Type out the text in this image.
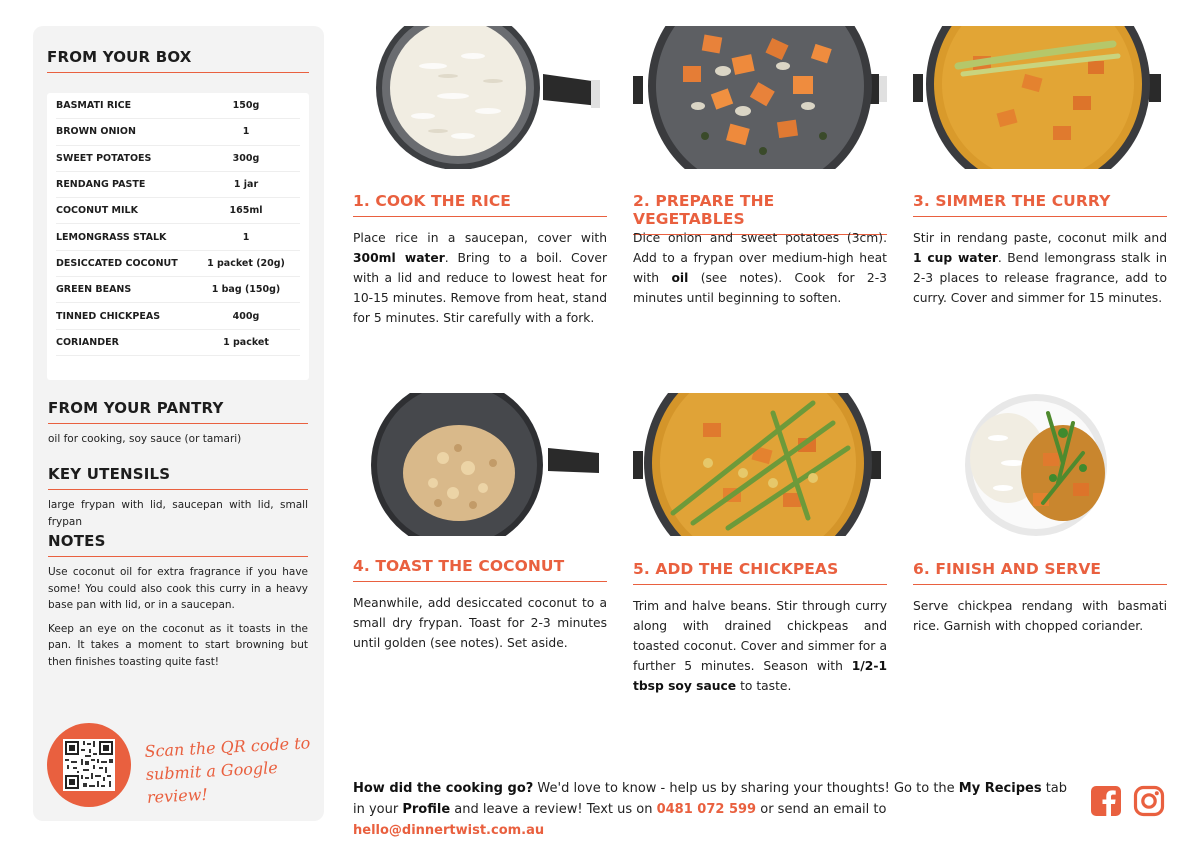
FROM YOUR BOX
BASMATI RICE	150g
BROWN ONION	1
SWEET POTATOES	300g
RENDANG PASTE	1 jar
COCONUT MILK	165ml
LEMONGRASS STALK	1
DESICCATED COCONUT	1 packet (20g)
GREEN BEANS	1 bag (150g)
TINNED CHICKPEAS	400g
CORIANDER	1 packet
FROM YOUR PANTRY

oil for cooking, soy sauce (or tamari)

KEY UTENSILS

large frypan with lid, saucepan with lid, small frypan

NOTES

Use coconut oil for extra fragrance if you have some! You could also cook this curry in a heavy base pan with lid, or in a saucepan.

Keep an eye on the coconut as it toasts in the pan. It takes a moment to start browning but then finishes toasting quite fast!

Scan the QR code to
submit a Google review!
1. COOK THE RICE
Place rice in a saucepan, cover with 300ml water. Bring to a boil. Cover with a lid and reduce to lowest heat for 10-15 minutes. Remove from heat, stand for 5 minutes. Stir carefully with a fork.
2. PREPARE THE VEGETABLES
Dice onion and sweet potatoes (3cm). Add to a frypan over medium-high heat with oil (see notes). Cook for 2-3 minutes until beginning to soften.
3. SIMMER THE CURRY
Stir in rendang paste, coconut milk and 1 cup water. Bend lemongrass stalk in 2-3 places to release fragrance, add to curry. Cover and simmer for 15 minutes.
4. TOAST THE COCONUT
Meanwhile, add desiccated coconut to a small dry frypan. Toast for 2-3 minutes until golden (see notes). Set aside.
5. ADD THE CHICKPEAS
Trim and halve beans. Stir through curry along with drained chickpeas and toasted coconut. Cover and simmer for a further 5 minutes. Season with 1/2-1 tbsp soy sauce to taste.
6. FINISH AND SERVE
Serve chickpea rendang with basmati rice. Garnish with chopped coriander.
How did the cooking go? We'd love to know - help us by sharing your thoughts! Go to the My Recipes tab in your Profile and leave a review! Text us on 0481 072 599 or send an email to hello@dinnertwist.com.au
